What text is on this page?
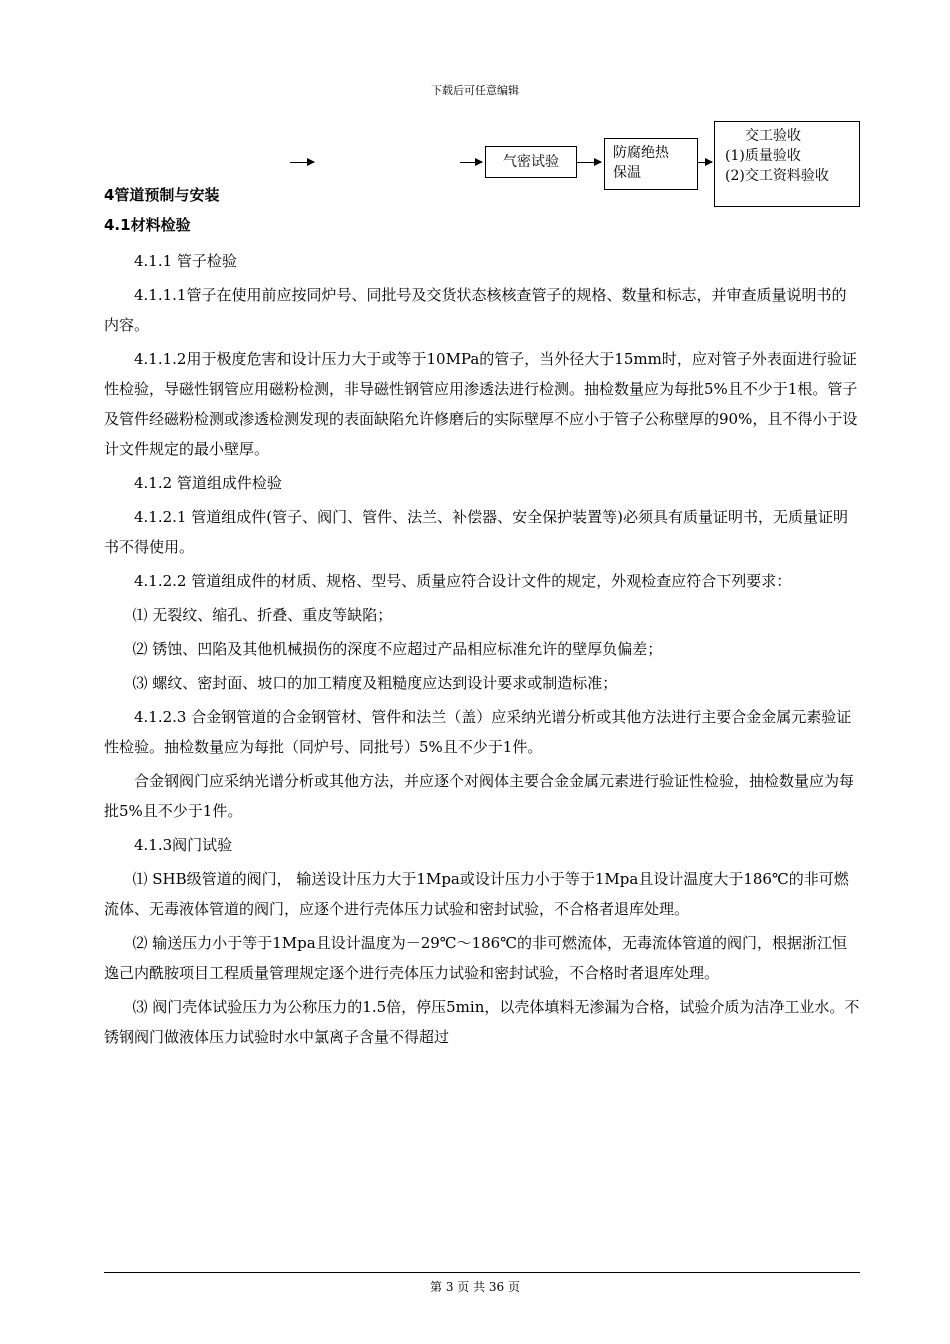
下载后可任意编辑
气密试验
防腐绝热
保温
交工验收
(1)质量验收
(2)交工资料验收
4管道预制与安装
4.1材料检验

4.1.1 管子检验

4.1.1.1管子在使用前应按同炉号、同批号及交货状态核核查管子的规格、数量和标志，并审查质量说明书的内容。

4.1.1.2用于极度危害和设计压力大于或等于10MPa的管子，当外径大于15mm时，应对管子外表面进行验证性检验，导磁性钢管应用磁粉检测，非导磁性钢管应用渗透法进行检测。抽检数量应为每批5%且不少于1根。管子及管件经磁粉检测或渗透检测发现的表面缺陷允许修磨后的实际壁厚不应小于管子公称壁厚的90%，且不得小于设计文件规定的最小壁厚。

4.1.2 管道组成件检验

4.1.2.1 管道组成件(管子、阀门、管件、法兰、补偿器、安全保护装置等)必须具有质量证明书，无质量证明书不得使用。

4.1.2.2 管道组成件的材质、规格、型号、质量应符合设计文件的规定，外观检查应符合下列要求：

⑴ 无裂纹、缩孔、折叠、重皮等缺陷；

⑵ 锈蚀、凹陷及其他机械损伤的深度不应超过产品相应标准允许的壁厚负偏差；

⑶ 螺纹、密封面、坡口的加工精度及粗糙度应达到设计要求或制造标准；

4.1.2.3 合金钢管道的合金钢管材、管件和法兰（盖）应采纳光谱分析或其他方法进行主要合金金属元素验证性检验。抽检数量应为每批（同炉号、同批号）5%且不少于1件。

合金钢阀门应采纳光谱分析或其他方法，并应逐个对阀体主要合金金属元素进行验证性检验，抽检数量应为每批5%且不少于1件。

4.1.3阀门试验

⑴ SHB级管道的阀门， 输送设计压力大于1Mpa或设计压力小于等于1Mpa且设计温度大于186℃的非可燃流体、无毒液体管道的阀门，应逐个进行壳体压力试验和密封试验，不合格者退库处理。

⑵ 输送压力小于等于1Mpa且设计温度为－29℃～186℃的非可燃流体，无毒流体管道的阀门，根据浙江恒逸己内酰胺项目工程质量管理规定逐个进行壳体压力试验和密封试验，不合格时者退库处理。

⑶ 阀门壳体试验压力为公称压力的1.5倍，停压5min，以壳体填料无渗漏为合格，试验介质为洁净工业水。不锈钢阀门做液体压力试验时水中氯离子含量不得超过

第 3 页 共 36 页
